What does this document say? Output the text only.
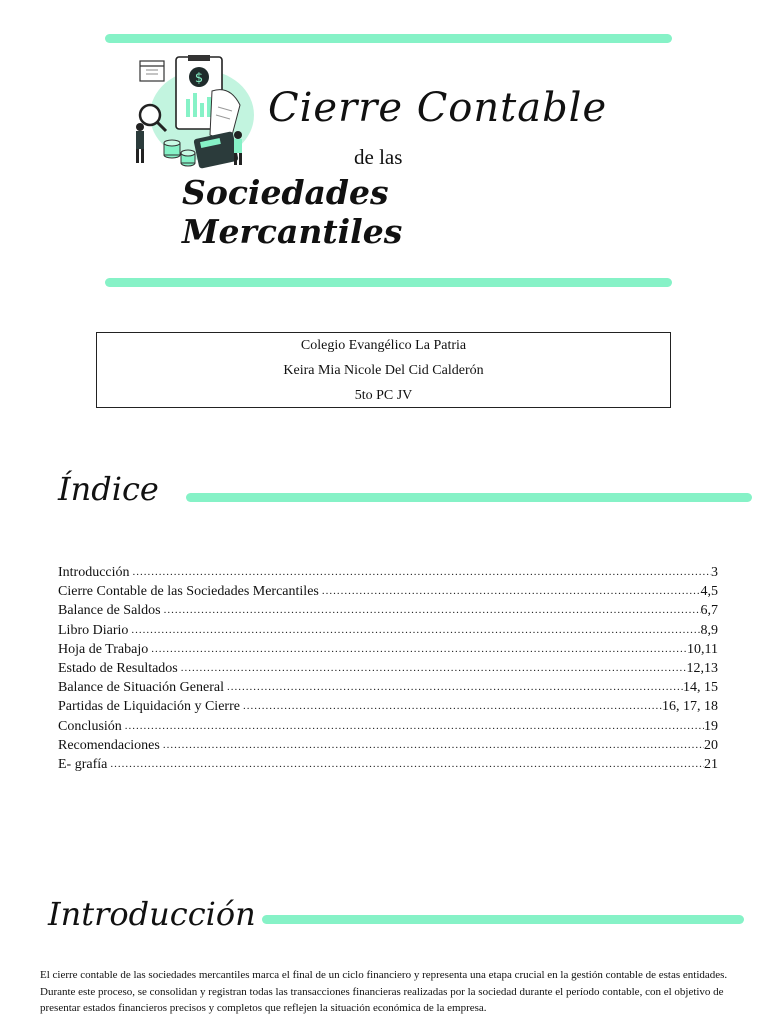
$
Cierre Contable
de las
Sociedades Mercantiles
Colegio Evangélico La Patria
Keira Mia Nicole Del Cid Calderón
5to PC JV
Índice
Introducción .....	3
Cierre Contable de las Sociedades Mercantiles .....	4,5
Balance de Saldos .....	6,7
Libro Diario .....	8,9
Hoja de Trabajo .....	10,11
Estado de Resultados .....	12,13
Balance de Situación General .....	14, 15
Partidas de Liquidación y Cierre .....	16, 17, 18
Conclusión .....	19
Recomendaciones .....	20
E- grafía .....	21
Introducción
El cierre contable de las sociedades mercantiles marca el final de un ciclo financiero y representa una etapa crucial en la gestión contable de estas entidades. Durante este proceso, se consolidan y registran todas las transacciones financieras realizadas por la sociedad durante el período contable, con el objetivo de presentar estados financieros precisos y completos que reflejen la situación económica de la empresa.
